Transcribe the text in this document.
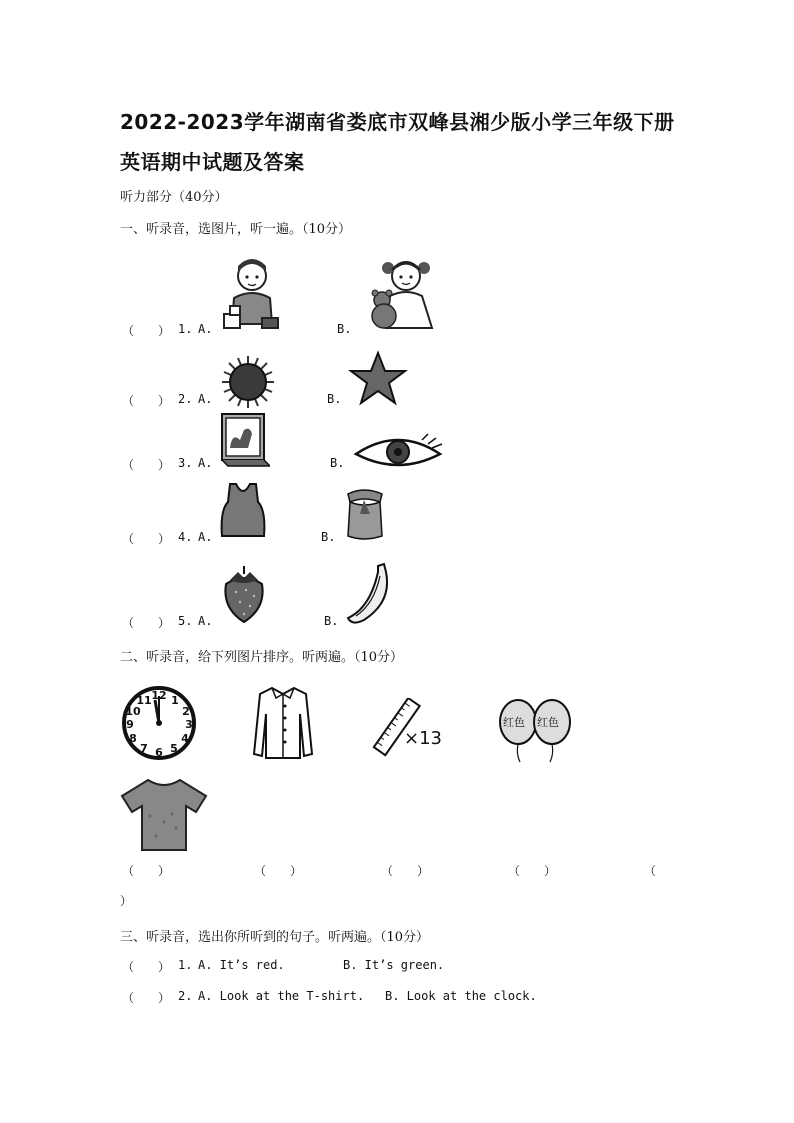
2022-2023学年湖南省娄底市双峰县湘少版小学三年级下册
英语期中试题及答案
听力部分（40分）
一、听录音，选图片，听一遍。（10分）
（　　） 1. A.	B.
（　　） 2. A.	B.
（　　） 3. A.	B.
（　　） 4. A.	B.
（　　） 5. A.	B.
二、听录音，给下列图片排序。听两遍。（10分）
12 1
2
3
4
5
6
7
8
9
10
11
×13
红色 红色
（　　）	（　　）	（　　）	（　　）	（
）
三、听录音，选出你所听到的句子。听两遍。（10分）
（　　） 1. A. It’s red.	B. It’s green.
（　　） 2. A. Look at the T-shirt. B. Look at the clock.
